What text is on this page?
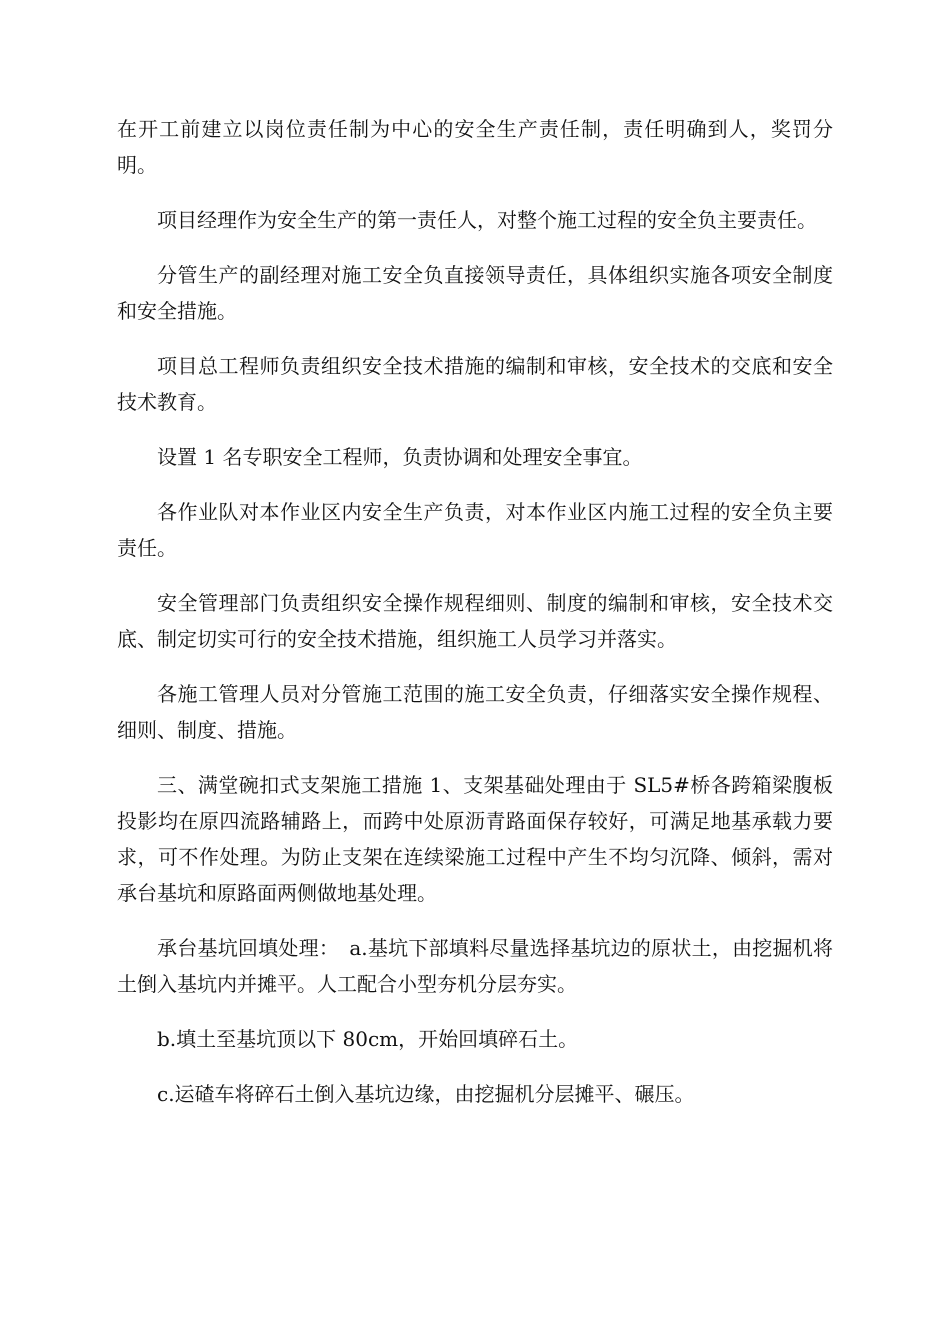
在开工前建立以岗位责任制为中心的安全生产责任制，责任明确到人，奖罚分明。

项目经理作为安全生产的第一责任人，对整个施工过程的安全负主要责任。

分管生产的副经理对施工安全负直接领导责任，具体组织实施各项安全制度和安全措施。

项目总工程师负责组织安全技术措施的编制和审核，安全技术的交底和安全技术教育。

设置 1 名专职安全工程师，负责协调和处理安全事宜。

各作业队对本作业区内安全生产负责，对本作业区内施工过程的安全负主要责任。

安全管理部门负责组织安全操作规程细则、制度的编制和审核，安全技术交底、制定切实可行的安全技术措施，组织施工人员学习并落实。

各施工管理人员对分管施工范围的施工安全负责，仔细落实安全操作规程、细则、制度、措施。

三、满堂碗扣式支架施工措施 1、支架基础处理由于 SL5#桥各跨箱梁腹板投影均在原四流路辅路上，而跨中处原沥青路面保存较好，可满足地基承载力要求，可不作处理。为防止支架在连续梁施工过程中产生不均匀沉降、倾斜，需对承台基坑和原路面两侧做地基处理。

承台基坑回填处理：　a.基坑下部填料尽量选择基坑边的原状土，由挖掘机将土倒入基坑内并摊平。人工配合小型夯机分层夯实。

b.填土至基坑顶以下 80cm，开始回填碎石土。

c.运碴车将碎石土倒入基坑边缘，由挖掘机分层摊平、碾压。
